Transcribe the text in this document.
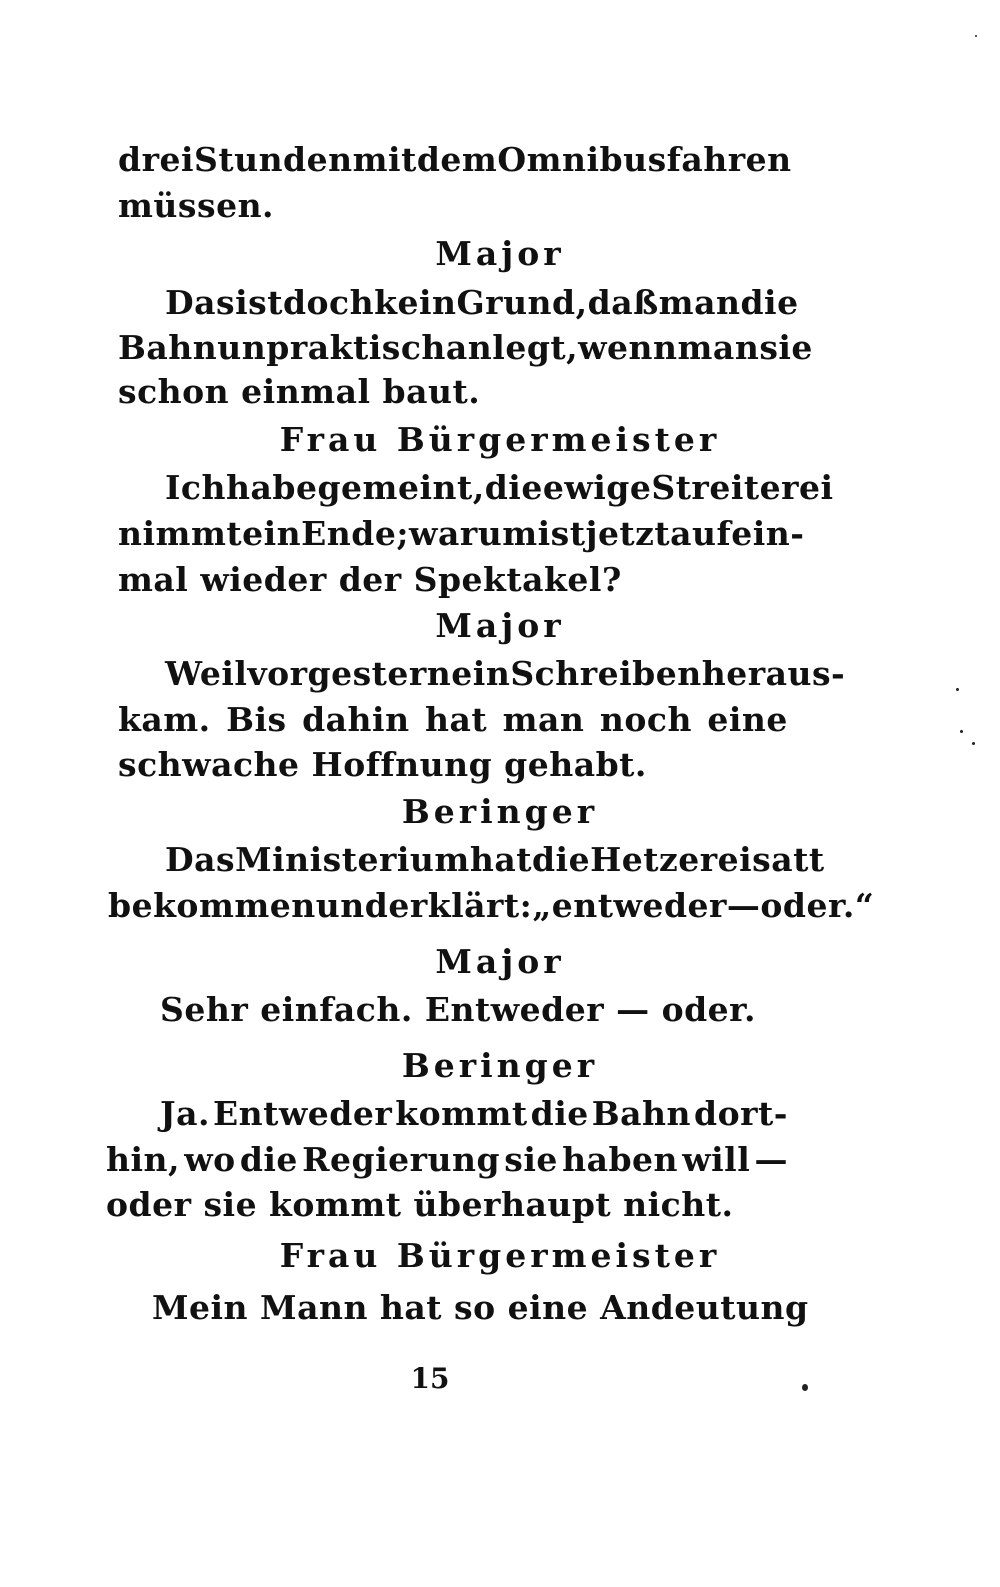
drei Stunden mit dem Omnibus fahren
müssen.
Major
Das ist doch kein Grund, daß man die
Bahn unpraktisch anlegt, wenn man sie
schon einmal baut.
Frau Bürgermeister
Ich habe gemeint, die ewige Streiterei
nimmt ein Ende; warum ist jetzt auf ein-
mal wieder der Spektakel?
Major
Weil vorgestern ein Schreiben heraus-
kam. Bis dahin hat man noch eine
schwache Hoffnung gehabt.
Beringer
Das Ministerium hat die Hetzerei satt
bekommen und erklärt: „entweder — oder.“
Major
Sehr einfach. Entweder — oder.
Beringer
Ja. Entweder kommt die Bahn dort-
hin, wo die Regierung sie haben will —
oder sie kommt überhaupt nicht.
Frau Bürgermeister
Mein Mann hat so eine Andeutung
15
